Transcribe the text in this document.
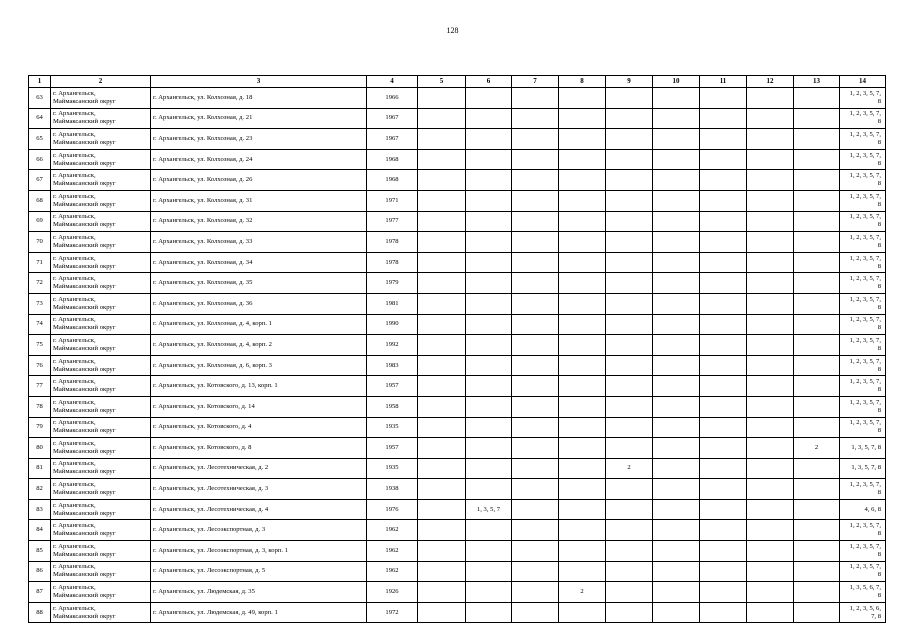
128
1	2	3	4	5	6	7	8	9	10	11	12	13	14
63	г. Архангельск,
Маймаксанский округ	г. Архангельск, ул. Колхозная, д. 18	1966										1, 2, 3, 5, 7,
8

64	г. Архангельск,
Маймаксанский округ	г. Архангельск, ул. Колхозная, д. 21	1967										1, 2, 3, 5, 7,
8

65	г. Архангельск,
Маймаксанский округ	г. Архангельск, ул. Колхозная, д. 23	1967										1, 2, 3, 5, 7,
8

66	г. Архангельск,
Маймаксанский округ	г. Архангельск, ул. Колхозная, д. 24	1968										1, 2, 3, 5, 7,
8

67	г. Архангельск,
Маймаксанский округ	г. Архангельск, ул. Колхозная, д. 26	1968										1, 2, 3, 5, 7,
8

68	г. Архангельск,
Маймаксанский округ	г. Архангельск, ул. Колхозная, д. 31	1971										1, 2, 3, 5, 7,
8

69	г. Архангельск,
Маймаксанский округ	г. Архангельск, ул. Колхозная, д. 32	1977										1, 2, 3, 5, 7,
8

70	г. Архангельск,
Маймаксанский округ	г. Архангельск, ул. Колхозная, д. 33	1978										1, 2, 3, 5, 7,
8

71	г. Архангельск,
Маймаксанский округ	г. Архангельск, ул. Колхозная, д. 34	1978										1, 2, 3, 5, 7,
8

72	г. Архангельск,
Маймаксанский округ	г. Архангельск, ул. Колхозная, д. 35	1979										1, 2, 3, 5, 7,
8

73	г. Архангельск,
Маймаксанский округ	г. Архангельск, ул. Колхозная, д. 36	1981										1, 2, 3, 5, 7,
8

74	г. Архангельск,
Маймаксанский округ	г. Архангельск, ул. Колхозная, д. 4, корп. 1	1990										1, 2, 3, 5, 7,
8

75	г. Архангельск,
Маймаксанский округ	г. Архангельск, ул. Колхозная, д. 4, корп. 2	1992										1, 2, 3, 5, 7,
8

76	г. Архангельск,
Маймаксанский округ	г. Архангельск, ул. Колхозная, д. 6, корп. 3	1983										1, 2, 3, 5, 7,
8

77	г. Архангельск,
Маймаксанский округ	г. Архангельск, ул. Котовского, д. 13, корп. 1	1957										1, 2, 3, 5, 7,
8

78	г. Архангельск,
Маймаксанский округ	г. Архангельск, ул. Котовского, д. 14	1958										1, 2, 3, 5, 7,
8

79	г. Архангельск,
Маймаксанский округ	г. Архангельск, ул. Котовского, д. 4	1935										1, 2, 3, 5, 7,
8

80	г. Архангельск,
Маймаксанский округ	г. Архангельск, ул. Котовского, д. 8	1957									2	1, 3, 5, 7, 8

81	г. Архангельск,
Маймаксанский округ	г. Архангельск, ул. Лесотехническая, д. 2	1935					2					1, 3, 5, 7, 8

82	г. Архангельск,
Маймаксанский округ	г. Архангельск, ул. Лесотехническая, д. 3	1938										1, 2, 3, 5, 7,
8

83	г. Архангельск,
Маймаксанский округ	г. Архангельск, ул. Лесотехническая, д. 4	1976		1, 3, 5, 7								4, 6, 8

84	г. Архангельск,
Маймаксанский округ	г. Архангельск, ул. Лесоэкспортная, д. 3	1962										1, 2, 3, 5, 7,
8

85	г. Архангельск,
Маймаксанский округ	г. Архангельск, ул. Лесоэкспортная, д. 3, корп. 1	1962										1, 2, 3, 5, 7,
8

86	г. Архангельск,
Маймаксанский округ	г. Архангельск, ул. Лесоэкспортная, д. 5	1962										1, 2, 3, 5, 7,
8

87	г. Архангельск,
Маймаксанский округ	г. Архангельск, ул. Людемская, д. 35	1926				2						1, 3, 5, 6, 7,
8

88	г. Архангельск,
Маймаксанский округ	г. Архангельск, ул. Людемская, д. 49, корп. 1	1972										1, 2, 3, 5, 6,
7, 8
